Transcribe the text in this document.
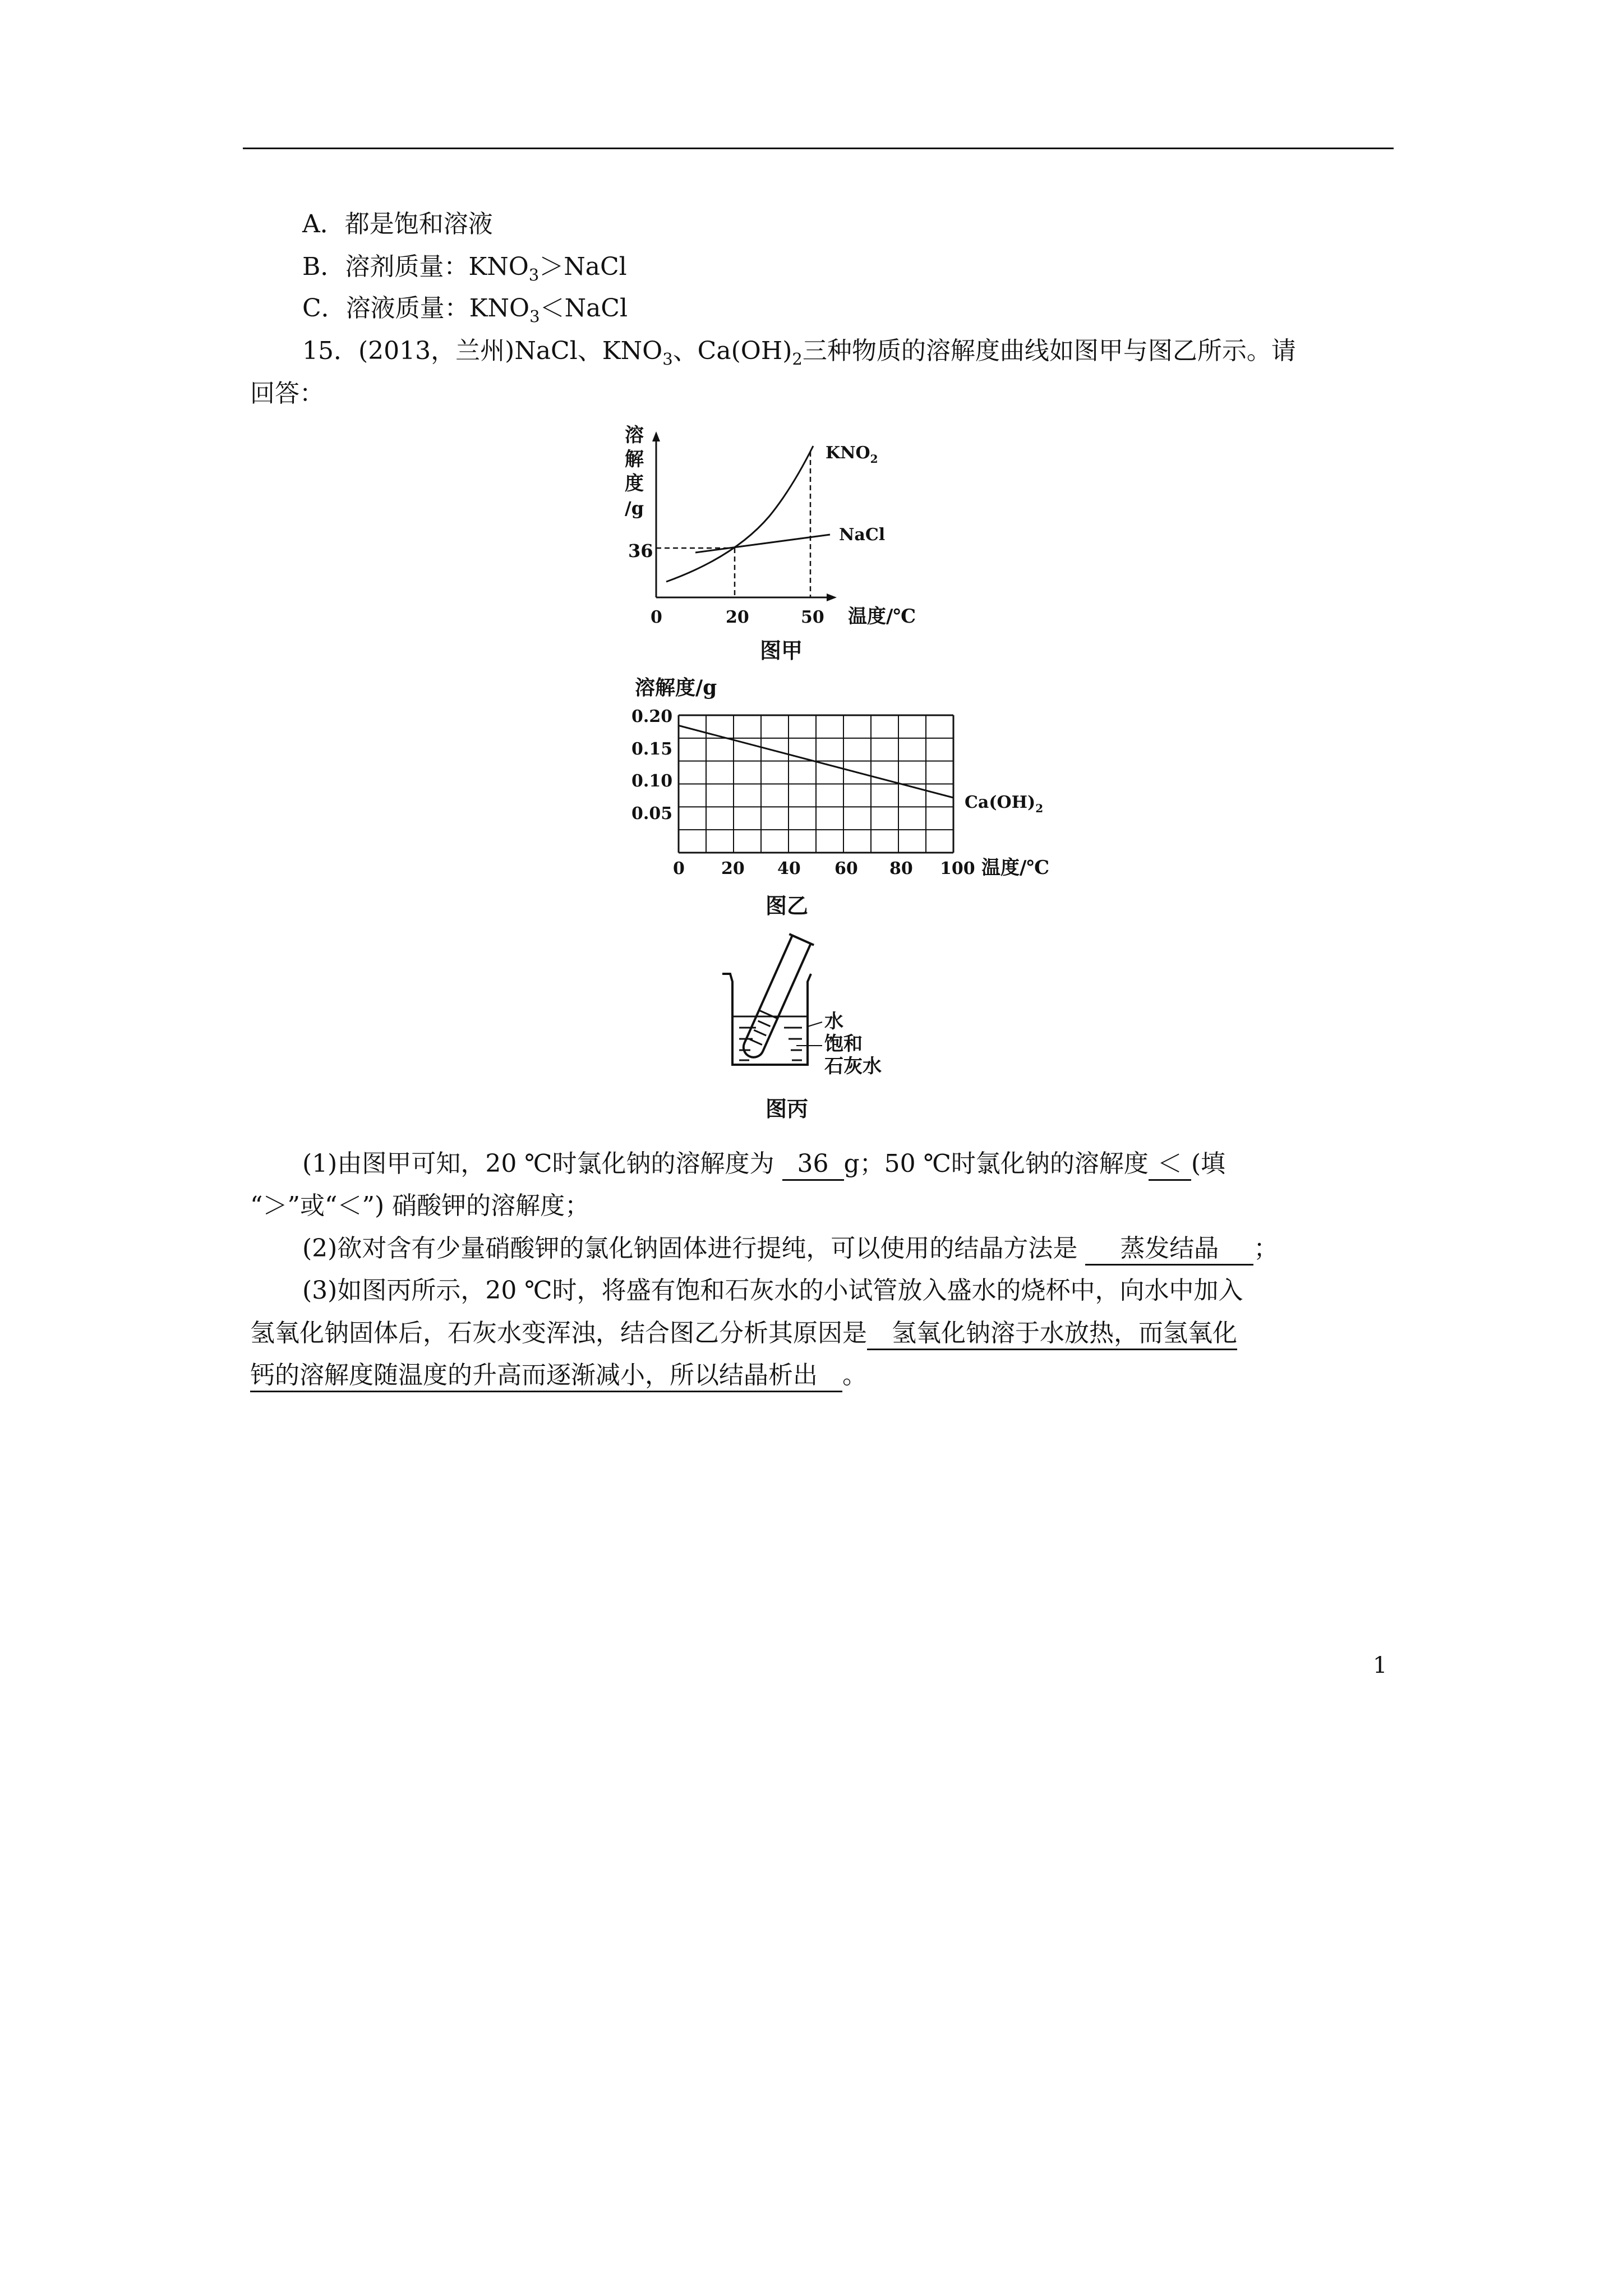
A．都是饱和溶液
B．溶剂质量：$KNO_3>NaCl$
C．溶液质量：$KNO_3<NaCl$
15．(2013，兰州)NaCl、$KNO_3$、$Ca(OH)_2$三种物质的溶解度曲线如图甲与图乙所示。请
回答：
溶
解
度
/g
36
$KNO_2$
NaCl
0	20	50 温度/℃
图甲
溶解度/g
0.20
0.15
0.10
0.05
0 20 40 60 80 100 温度/℃
$Ca(OH)_2$
图乙
水
饱和
石灰水
图丙
(1)由图甲可知，20 ℃时氯化钠的溶解度为 36 g；50 ℃时氯化钠的溶解度 ＜ (填
“＞”或“＜”) 硝酸钾的溶解度；
(2)欲对含有少量硝酸钾的氯化钠固体进行提纯，可以使用的结晶方法是 蒸发结晶 ；
(3)如图丙所示，20 ℃时，将盛有饱和石灰水的小试管放入盛水的烧杯中，向水中加入
氢氧化钠固体后，石灰水变浑浊，结合图乙分析其原因是　氢氧化钠溶于水放热，而氢氧化
钙的溶解度随温度的升高而逐渐减小，所以结晶析出　。
1
